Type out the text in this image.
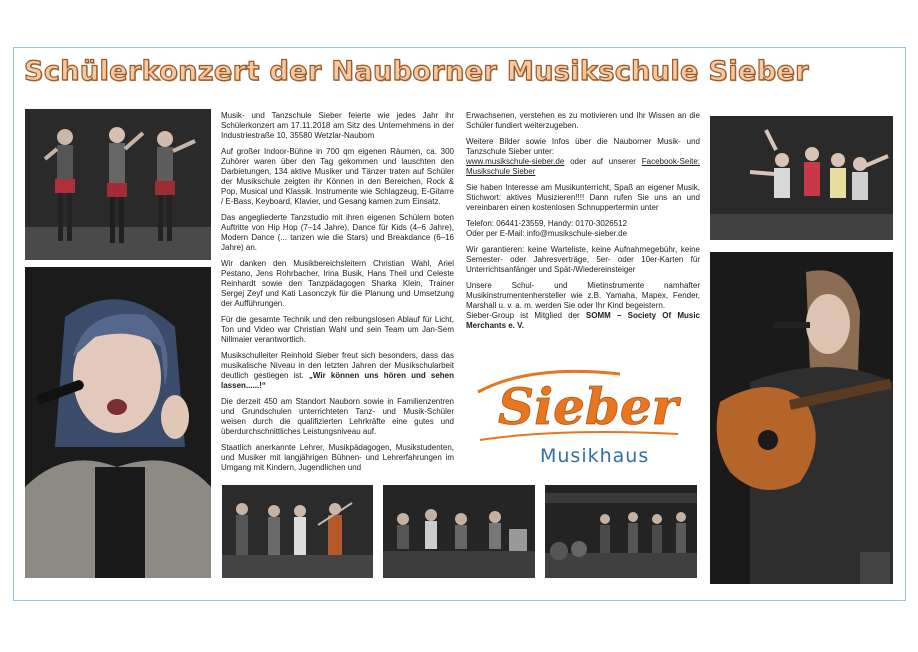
Schülerkonzert der Nauborner Musikschule Sieber

Musik- und Tanzschule Sieber feierte wie jedes Jahr ihr Schülerkonzert am 17.11.2018 am Sitz des Unternehmens in der Industriestraße 10, 35580 Wetzlar-Naubom

Auf großer Indoor-Bühne in 700 qm eigenen Räumen, ca. 300 Zuhörer waren über den Tag gekommen und lauschten den Darbietungen, 134 aktive Musiker und Tänzer traten auf Schüler der Musikschule zeigten ihr Können in den Bereichen, Rock & Pop, Musical und Klassik. Instrumente wie Schlagzeug, E-Gitarre / E-Bass, Keyboard, Klavier, und Gesang kamen zum Einsatz.

Das angegliederte Tanzstudio mit ihren eigenen Schülern boten Auftritte von Hip Hop (7–14 Jahre), Dance für Kids (4–6 Jahre), Modern Dance (... tanzen wie die Stars) und Breakdance (6–16 Jahre) an.

Wir danken den Musikbereichsleitern Christian Wahl, Ariel Pestano, Jens Rohrbacher, Irina Busik, Hans Theil und Celeste Reinhardt sowie den Tanzpädagogen Sharka Klein, Trainer Sergej Zeyf und Kati Lasonczyk für die Planung und Umsetzung der Aufführungen.

Für die gesamte Technik und den reibungslosen Ablauf für Licht, Ton und Video war Christian Wahl und sein Team um Jan-Sem Nillmaier verantwortlich.

Musikschulleiter Reinhold Sieber freut sich besonders, dass das musikalische Niveau in den letzten Jahren der Musikschularbeit deutlich gestiegen ist. „Wir können uns hören und sehen lassen......!“

Die derzeit 450 am Standort Nauborn sowie in Familienzentren und Grundschulen unterrichteten Tanz- und Musik-Schüler weisen durch die qualifizierten Lehrkräfte eine gutes und überdurchschnittliches Leistungsniveau auf.

Staatlich anerkannte Lehrer, Musikpädagogen, Musikstudenten, und Musiker mit langjährigen Bühnen- und Lehrerfahrungen im Umgang mit Kindern, Jugendlichen und

Erwachsenen, verstehen es zu motivieren und Ihr Wissen an die Schüler fundiert weiterzugeben.

Weitere Bilder sowie Infos über die Nauborner Musik- und Tanzschule Sieber unter:
www.musikschule-sieber.de oder auf unserer Facebook-Seite: Musikschule Sieber

Sie haben Interesse am Musikunterricht, Spaß an eigener Musik, Stichwort: aktives Musizieren!!!! Dann rufen Sie uns an und vereinbaren einen kostenlosen Schnuppertermin unter

Telefon: 06441-23559, Handy: 0170-3026512

Oder per E-Mail: info@musikschule-sieber.de

Wir garantieren: keine Warteliste, keine Aufnahmegebühr, keine Semester- oder Jahresverträge, 5er- oder 10er-Karten für Unterrichtsanfänger und Spät-/Wiedereinsteiger

Unsere Schul- und Mietinstrumente namhafter Musikinstrumentenhersteller wie z.B. Yamaha, Mapex, Fender, Marshall u. v. a. m. werden Sie oder Ihr Kind begeistern.
Sieber-Group ist Mitglied der SOMM – Society Of Music Merchants e. V.

Sieber
Musikhaus
